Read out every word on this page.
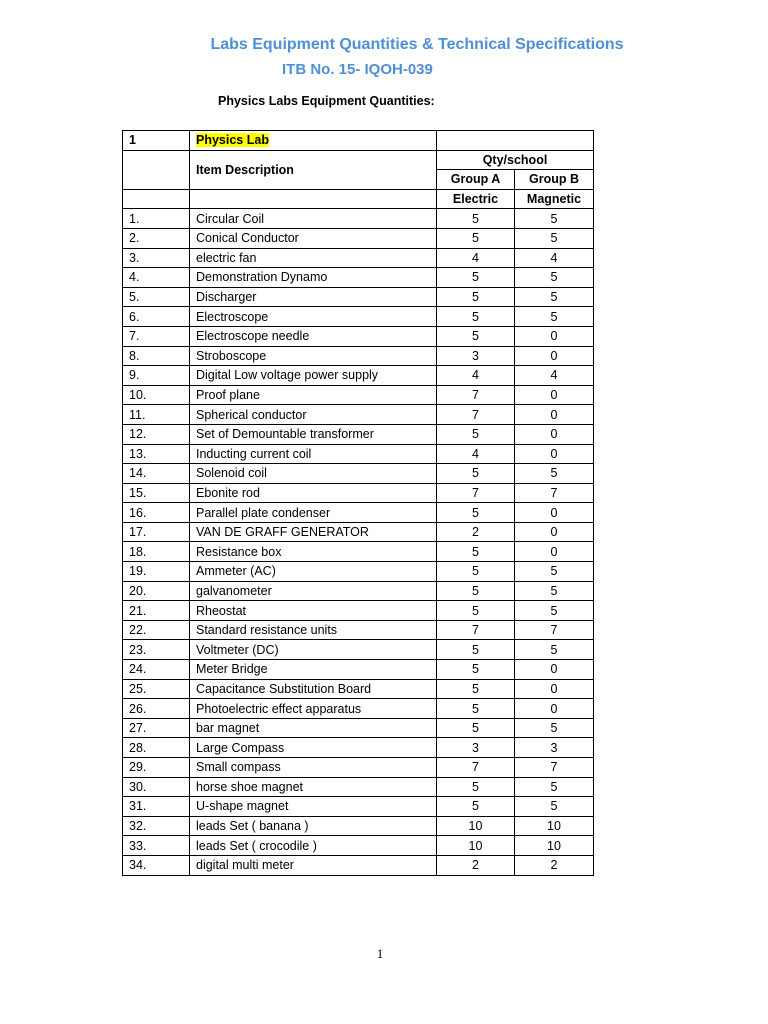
Labs Equipment Quantities & Technical Specifications
ITB No. 15- IQOH-039
Physics Labs Equipment Quantities:
1	Physics Lab		
	Item Description	Qty/school	
		Group A	Group B
		Electric	Magnetic
1.	Circular Coil	5	5
2.	Conical Conductor	5	5
3.	electric fan	4	4
4.	Demonstration Dynamo	5	5
5.	Discharger	5	5
6.	Electroscope	5	5
7.	Electroscope needle	5	0
8.	Stroboscope	3	0
9.	Digital Low voltage power supply	4	4
10.	Proof plane	7	0
11.	Spherical conductor	7	0
12.	Set of Demountable transformer	5	0
13.	Inducting current coil	4	0
14.	Solenoid coil	5	5
15.	Ebonite rod	7	7
16.	Parallel plate condenser	5	0
17.	VAN DE GRAFF GENERATOR	2	0
18.	Resistance box	5	0
19.	Ammeter (AC)	5	5
20.	galvanometer	5	5
21.	Rheostat	5	5
22.	Standard resistance units	7	7
23.	Voltmeter (DC)	5	5
24.	Meter Bridge	5	0
25.	Capacitance Substitution Board	5	0
26.	Photoelectric effect apparatus	5	0
27.	bar magnet	5	5
28.	Large Compass	3	3
29.	Small compass	7	7
30.	horse shoe magnet	5	5
31.	U-shape magnet	5	5
32.	leads Set ( banana )	10	10
33.	leads Set ( crocodile )	10	10
34.	digital multi meter	2	2
1
